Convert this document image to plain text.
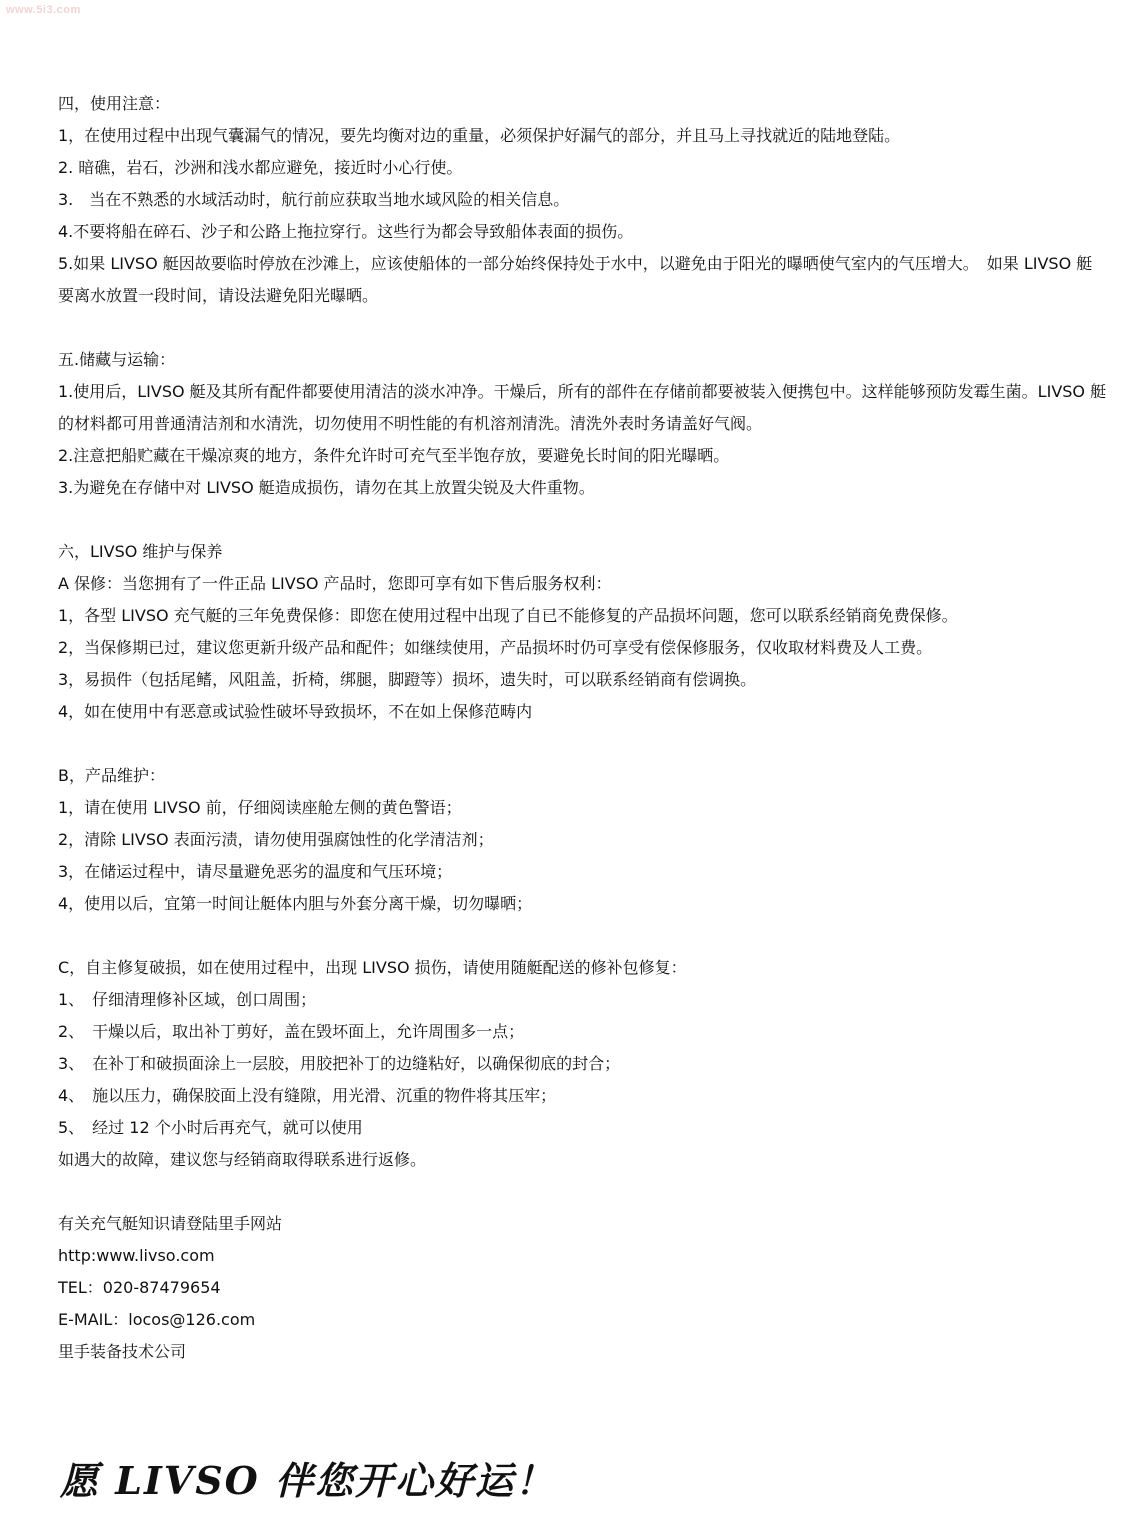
www.5i3.com

四，使用注意：

1，在使用过程中出现气囊漏气的情况，要先均衡对边的重量，必须保护好漏气的部分，并且马上寻找就近的陆地登陆。

2. 暗礁，岩石，沙洲和浅水都应避免，接近时小心行使。

3.　当在不熟悉的水域活动时，航行前应获取当地水域风险的相关信息。

4.不要将船在碎石、沙子和公路上拖拉穿行。这些行为都会导致船体表面的损伤。

5.如果 LIVSO 艇因故要临时停放在沙滩上，应该使船体的一部分始终保持处于水中，以避免由于阳光的曝晒使气室内的气压增大。　如果 LIVSO 艇要离水放置一段时间，请设法避免阳光曝晒。

五.储藏与运输：

1.使用后，LIVSO 艇及其所有配件都要使用清洁的淡水冲净。干燥后，所有的部件在存储前都要被装入便携包中。这样能够预防发霉生菌。LIVSO 艇的材料都可用普通清洁剂和水清洗，切勿使用不明性能的有机溶剂清洗。清洗外表时务请盖好气阀。

2.注意把船贮藏在干燥凉爽的地方，条件允许时可充气至半饱存放，要避免长时间的阳光曝晒。

3.为避免在存储中对 LIVSO 艇造成损伤，请勿在其上放置尖锐及大件重物。

六，LIVSO 维护与保养

A 保修：当您拥有了一件正品 LIVSO 产品时，您即可享有如下售后服务权利：

1，各型 LIVSO 充气艇的三年免费保修：即您在使用过程中出现了自已不能修复的产品损坏问题，您可以联系经销商免费保修。

2，当保修期已过，建议您更新升级产品和配件；如继续使用，产品损坏时仍可享受有偿保修服务，仅收取材料费及人工费。

3，易损件（包括尾鳍，风阻盖，折椅，绑腿，脚蹬等）损坏，遗失时，可以联系经销商有偿调换。

4，如在使用中有恶意或试验性破坏导致损坏，不在如上保修范畴内

B，产品维护：

1，请在使用 LIVSO 前，仔细阅读座舱左侧的黄色警语；

2，清除 LIVSO 表面污渍，请勿使用强腐蚀性的化学清洁剂；

3，在储运过程中，请尽量避免恶劣的温度和气压环境；

4，使用以后，宜第一时间让艇体内胆与外套分离干燥，切勿曝晒；

C，自主修复破损，如在使用过程中，出现 LIVSO 损伤，请使用随艇配送的修补包修复：

1、　仔细清理修补区域，创口周围；

2、　干燥以后，取出补丁剪好，盖在毁坏面上，允许周围多一点；

3、　在补丁和破损面涂上一层胶，用胶把补丁的边缝粘好，以确保彻底的封合；

4、　施以压力，确保胶面上没有缝隙，用光滑、沉重的物件将其压牢；

5、　经过 12 个小时后再充气，就可以使用

如遇大的故障，建议您与经销商取得联系进行返修。

有关充气艇知识请登陆里手网站

http:www.livso.com

TEL：020-87479654

E-MAIL：locos@126.com

里手装备技术公司

愿 LIVSO 伴您开心好运！
